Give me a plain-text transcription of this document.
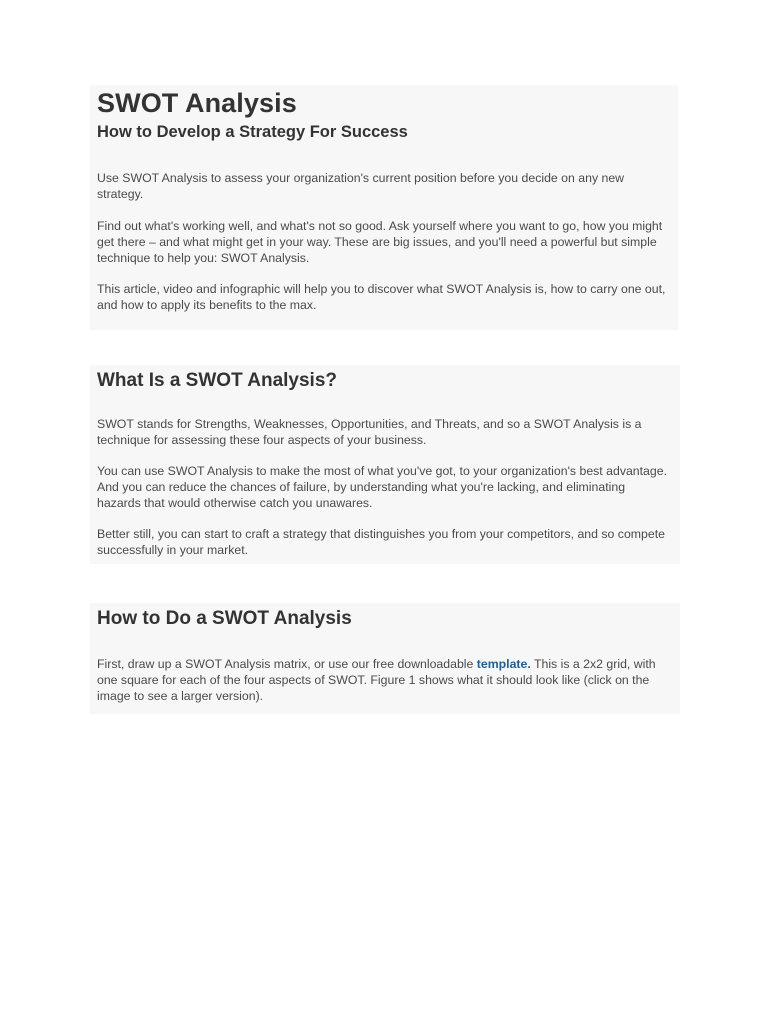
SWOT Analysis
How to Develop a Strategy For Success

Use SWOT Analysis to assess your organization's current position before you decide on any new strategy.

Find out what's working well, and what's not so good. Ask yourself where you want to go, how you might get there – and what might get in your way. These are big issues, and you'll need a powerful but simple technique to help you: SWOT Analysis.

This article, video and infographic will help you to discover what SWOT Analysis is, how to carry one out, and how to apply its benefits to the max.

What Is a SWOT Analysis?

SWOT stands for Strengths, Weaknesses, Opportunities, and Threats, and so a SWOT Analysis is a technique for assessing these four aspects of your business.

You can use SWOT Analysis to make the most of what you've got, to your organization's best advantage. And you can reduce the chances of failure, by understanding what you're lacking, and eliminating hazards that would otherwise catch you unawares.

Better still, you can start to craft a strategy that distinguishes you from your competitors, and so compete successfully in your market.

How to Do a SWOT Analysis

First, draw up a SWOT Analysis matrix, or use our free downloadable template. This is a 2x2 grid, with one square for each of the four aspects of SWOT. Figure 1 shows what it should look like (click on the image to see a larger version).
